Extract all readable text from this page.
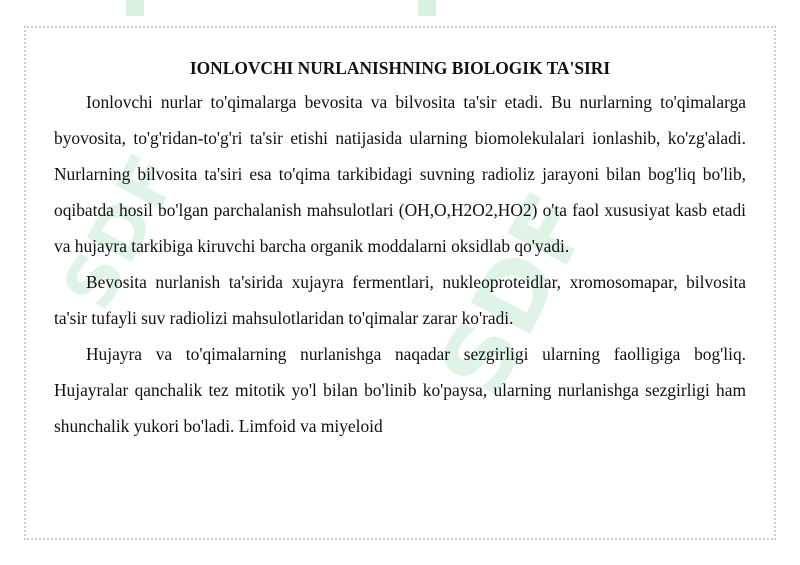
SDF SDF

IONLOVCHI NURLANISHNING BIOLOGIK TA'SIRI

Ionlovchi nurlar to'qimalarga bevosita va bilvosita ta'sir etadi. Bu nurlarning to'qimalarga byovosita, to'g'ridan-to'g'ri ta'sir etishi natijasida ularning biomolekulalari ionlashib, ko'zg'aladi. Nurlarning bilvosita ta'siri esa to'qima tarkibidagi suvning radioliz jarayoni bilan bog'liq bo'lib, oqibatda hosil bo'lgan parchalanish mahsulotlari (OH,O,H2O2,HO2) o'ta faol xususiyat kasb etadi va hujayra tarkibiga kiruvchi barcha organik moddalarni oksidlab qo'yadi.

Bevosita nurlanish ta'sirida xujayra fermentlari, nukleoproteidlar, xromosomapar, bilvosita ta'sir tufayli suv radiolizi mahsulotlaridan to'qimalar zarar ko'radi.

Hujayra va to'qimalarning nurlanishga naqadar sezgirligi ularning faolligiga bog'liq. Hujayralar qanchalik tez mitotik yo'l bilan bo'linib ko'paysa, ularning nurlanishga sezgirligi ham shunchalik yukori bo'ladi. Limfoid va miyeloid
